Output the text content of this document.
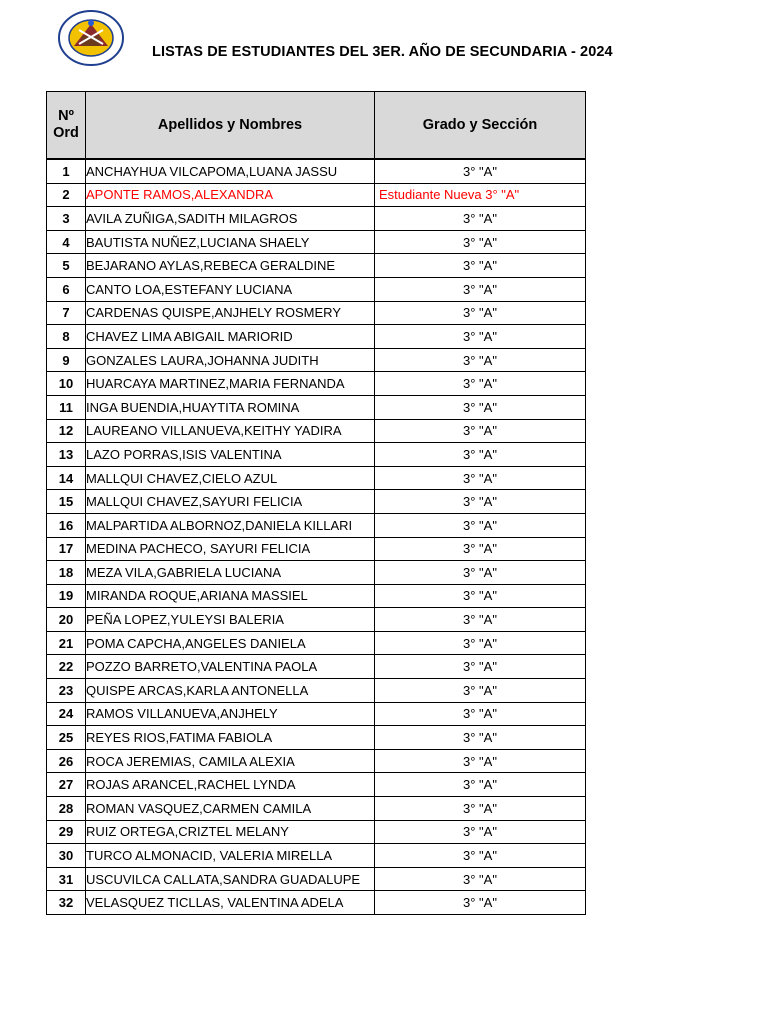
LISTAS DE ESTUDIANTES DEL 3ER. AÑO DE SECUNDARIA - 2024
Nº
Ord	Apellidos y Nombres	Grado y Sección

1	ANCHAYHUA VILCAPOMA,LUANA JASSU	3° "A"
2	APONTE RAMOS,ALEXANDRA	Estudiante Nueva 3° "A"
3	AVILA ZUÑIGA,SADITH MILAGROS	3° "A"
4	BAUTISTA NUÑEZ,LUCIANA SHAELY	3° "A"
5	BEJARANO AYLAS,REBECA GERALDINE	3° "A"
6	CANTO LOA,ESTEFANY LUCIANA	3° "A"
7	CARDENAS QUISPE,ANJHELY ROSMERY	3° "A"
8	CHAVEZ LIMA ABIGAIL MARIORID	3° "A"
9	GONZALES LAURA,JOHANNA JUDITH	3° "A"
10	HUARCAYA MARTINEZ,MARIA FERNANDA	3° "A"
11	INGA BUENDIA,HUAYTITA ROMINA	3° "A"
12	LAUREANO VILLANUEVA,KEITHY YADIRA	3° "A"
13	LAZO PORRAS,ISIS VALENTINA	3° "A"
14	MALLQUI CHAVEZ,CIELO AZUL	3° "A"
15	MALLQUI CHAVEZ,SAYURI FELICIA	3° "A"
16	MALPARTIDA ALBORNOZ,DANIELA KILLARI	3° "A"
17	MEDINA PACHECO, SAYURI FELICIA	3° "A"
18	MEZA VILA,GABRIELA LUCIANA	3° "A"
19	MIRANDA ROQUE,ARIANA MASSIEL	3° "A"
20	PEÑA LOPEZ,YULEYSI BALERIA	3° "A"
21	POMA CAPCHA,ANGELES DANIELA	3° "A"
22	POZZO BARRETO,VALENTINA PAOLA	3° "A"
23	QUISPE ARCAS,KARLA ANTONELLA	3° "A"
24	RAMOS VILLANUEVA,ANJHELY	3° "A"
25	REYES RIOS,FATIMA FABIOLA	3° "A"
26	ROCA JEREMIAS, CAMILA ALEXIA	3° "A"
27	ROJAS ARANCEL,RACHEL LYNDA	3° "A"
28	ROMAN VASQUEZ,CARMEN CAMILA	3° "A"
29	RUIZ ORTEGA,CRIZTEL MELANY	3° "A"
30	TURCO ALMONACID, VALERIA MIRELLA	3° "A"
31	USCUVILCA CALLATA,SANDRA GUADALUPE	3° "A"
32	VELASQUEZ TICLLAS, VALENTINA ADELA	3° "A"
